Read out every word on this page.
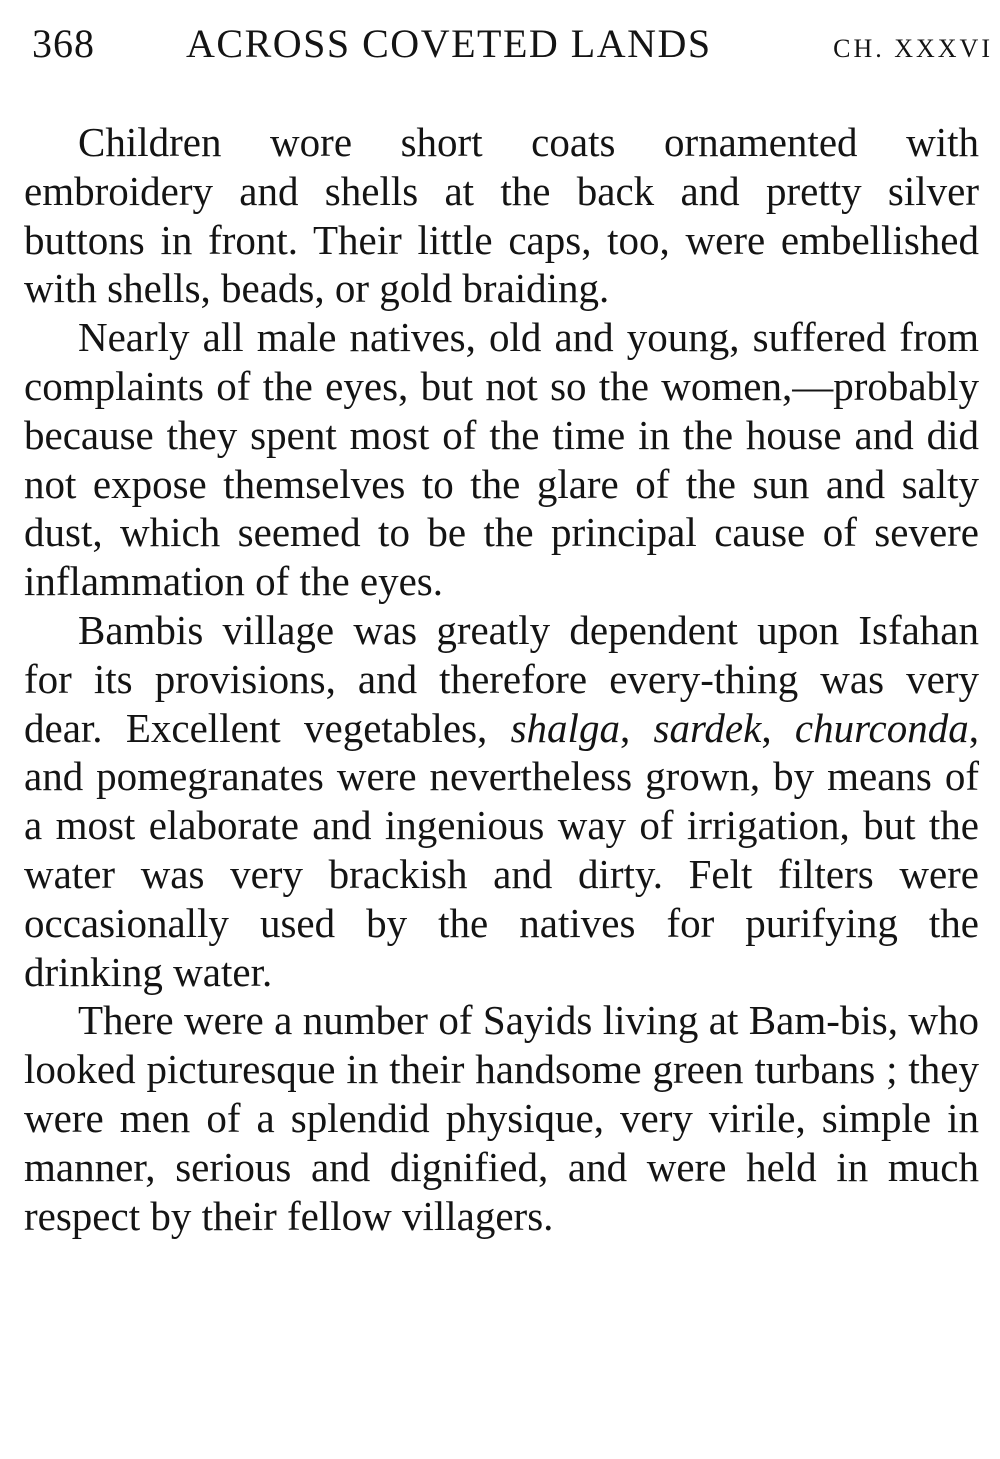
368 ACROSS COVETED LANDS	CH. XXXVI

Children wore short coats ornamented with embroidery and shells at the back and pretty silver buttons in front. Their little caps, too, were embellished with shells, beads, or gold braiding.

Nearly all male natives, old and young, suffered from complaints of the eyes, but not so the women,—probably because they spent most of the time in the house and did not expose themselves to the glare of the sun and salty dust, which seemed to be the principal cause of severe inflammation of the eyes.

Bambis village was greatly dependent upon Isfahan for its provisions, and therefore every-thing was very dear. Excellent vegetables, shalga, sardek, churconda, and pomegranates were nevertheless grown, by means of a most elaborate and ingenious way of irrigation, but the water was very brackish and dirty. Felt filters were occasionally used by the natives for purifying the drinking water.

There were a number of Sayids living at Bam-bis, who looked picturesque in their handsome green turbans ; they were men of a splendid physique, very virile, simple in manner, serious and dignified, and were held in much respect by their fellow villagers.
